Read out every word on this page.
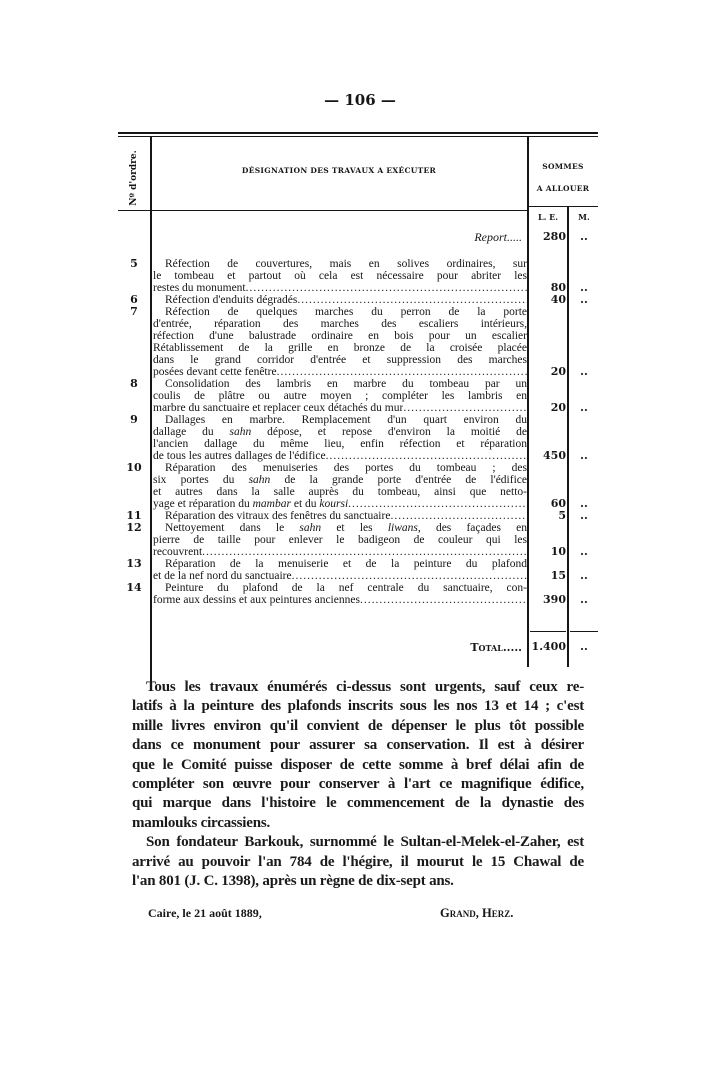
— 106 —
Nº d'ordre.	DÉSIGNATION DES TRAVAUX A EXÉCUTER	SOMMES
A ALLOUER
L. E.	M.
Report.....	280	..
5	Réfection de couvertures, mais en solives ordinaires, sur
le tombeau et partout où cela est nécessaire pour abriter les
restes du monument .....	80	..
6	Réfection d'enduits dégradés .....	40	..
7	Réfection de quelques marches du perron de la porte
d'entrée, réparation des marches des escaliers intérieurs,
réfection d'une balustrade ordinaire en bois pour un escalier
Rétablissement de la grille en bronze de la croisée placée
dans le grand corridor d'entrée et suppression des marches
posées devant cette fenêtre .....	20	..
8	Consolidation des lambris en marbre du tombeau par un
coulis de plâtre ou autre moyen ; compléter les lambris en
marbre du sanctuaire et replacer ceux détachés du mur .....	20	..
9	Dallages en marbre. Remplacement d'un quart environ du
dallage du sahn dépose, et repose d'environ la moitié de
l'ancien dallage du même lieu, enfin réfection et réparation
de tous les autres dallages de l'édifice .....	450	..
10	Réparation des menuiseries des portes du tombeau ; des
six portes du sahn de la grande porte d'entrée de l'édifice
et autres dans la salle auprès du tombeau, ainsi que netto-
yage et réparation du mambar et du koursi .....	60	..
11	Réparation des vitraux des fenêtres du sanctuaire .....	5	..
12	Nettoyement dans le sahn et les liwans, des façades en
pierre de taille pour enlever le badigeon de couleur qui les
recouvrent .....	10	..
13	Réparation de la menuiserie et de la peinture du plafond
et de la nef nord du sanctuaire .....	15	..
14	Peinture du plafond de la nef centrale du sanctuaire, con-
forme aux dessins et aux peintures anciennes .....	390	..
Total..... 1.400	..
Tous les travaux énumérés ci-dessus sont urgents, sauf ceux re-
latifs à la peinture des plafonds inscrits sous les nos 13 et 14 ; c'est
mille livres environ qu'il convient de dépenser le plus tôt possible
dans ce monument pour assurer sa conservation. Il est à désirer
que le Comité puisse disposer de cette somme à bref délai afin de
compléter son œuvre pour conserver à l'art ce magnifique édifice,
qui marque dans l'histoire le commencement de la dynastie des
mamlouks circassiens.
Son fondateur Barkouk, surnommé le Sultan-el-Melek-el-Zaher, est
arrivé au pouvoir l'an 784 de l'hégire, il mourut le 15 Chawal de
l'an 801 (J. C. 1398), après un règne de dix-sept ans.
Caire, le 21 août 1889,	Grand, Herz.
